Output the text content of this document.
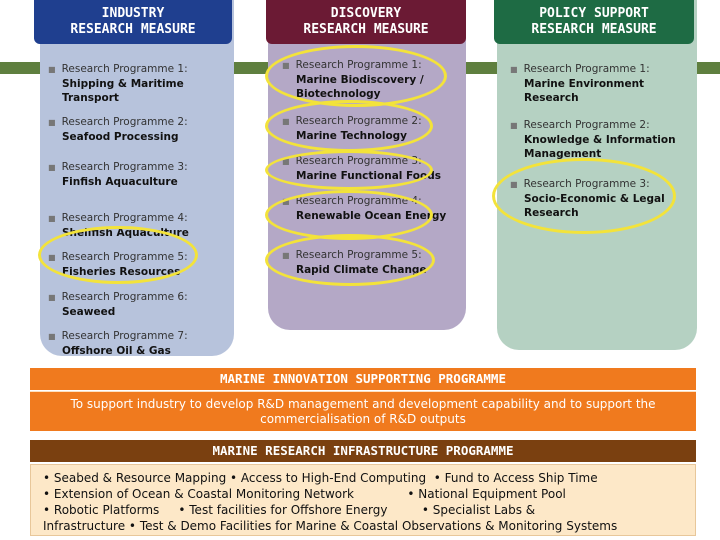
INDUSTRY
RESEARCH MEASURE
DISCOVERY
RESEARCH MEASURE
POLICY SUPPORT
RESEARCH MEASURE
■ Research Programme 1:
Shipping & Maritime Transport
■ Research Programme 2:
Seafood Processing
■ Research Programme 3:
Finfish Aquaculture
■ Research Programme 4:
Shellfish Aquaculture
■ Research Programme 5:
Fisheries Resources
■ Research Programme 6:
Seaweed
■ Research Programme 7:
Offshore Oil & Gas
■ Research Programme 1:
Marine Biodiscovery / Biotechnology
■ Research Programme 2:
Marine Technology
■ Research Programme 3:
Marine Functional Foods
■ Research Programme 4:
Renewable Ocean Energy
■ Research Programme 5:
Rapid Climate Change
■ Research Programme 1:
Marine Environment Research
■ Research Programme 2:
Knowledge & Information Management
■ Research Programme 3:
Socio-Economic & Legal Research
MARINE INNOVATION SUPPORTING PROGRAMME
To support industry to develop R&D management and development capability and to support the commercialisation of R&D outputs
MARINE RESEARCH INFRASTRUCTURE PROGRAMME
• Seabed & Resource Mapping • Access to High-End Computing  • Fund to Access Ship Time
• Extension of Ocean & Coastal Monitoring Network              • National Equipment Pool
• Robotic Platforms     • Test facilities for Offshore Energy         • Specialist Labs &
Infrastructure • Test & Demo Facilities for Marine & Coastal Observations & Monitoring Systems
